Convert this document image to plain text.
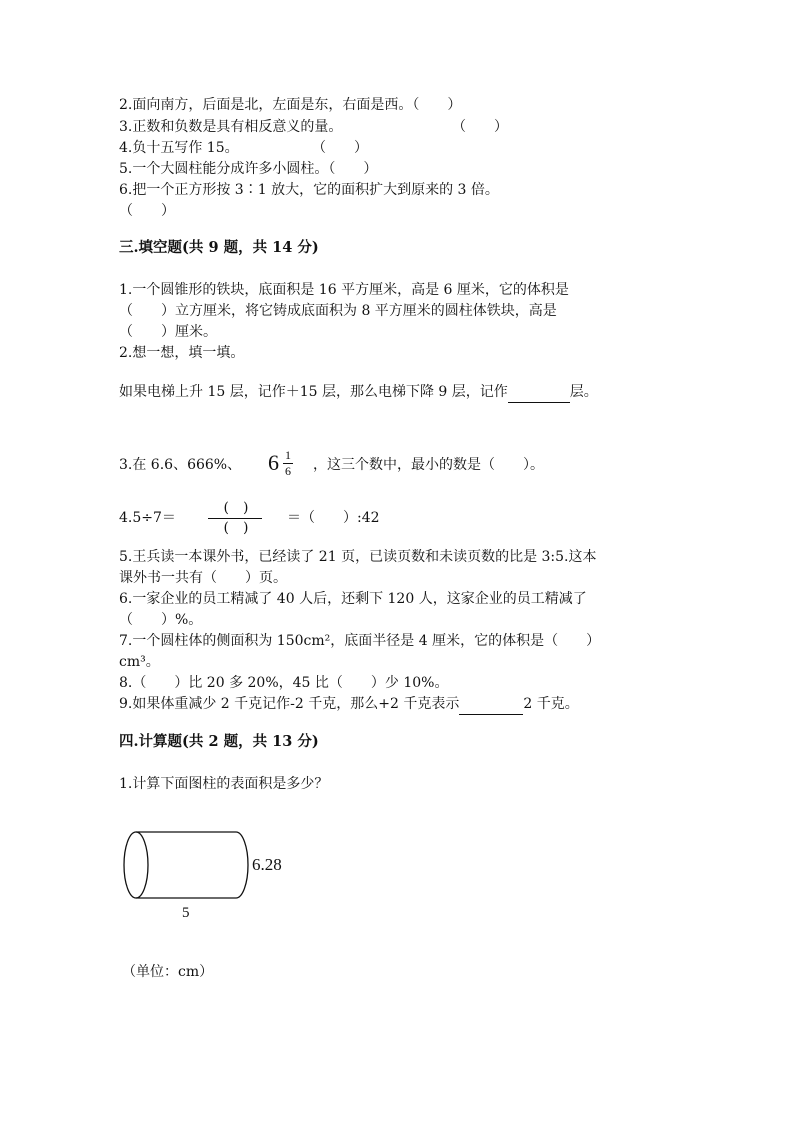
2.面向南方，后面是北，左面是东，右面是西。（　　）
3.正数和负数是具有相反意义的量。	（　　）
4.负十五写作 15。	（　　）
5.一个大圆柱能分成许多小圆柱。（　　）
6.把一个正方形按 3∶1 放大，它的面积扩大到原来的 3 倍。
（　　）
三.填空题(共 9 题，共 14 分)
1.一个圆锥形的铁块，底面积是 16 平方厘米，高是 6 厘米，它的体积是
（　　）立方厘米，将它铸成底面积为 8 平方厘米的圆柱体铁块，高是
（　　）厘米。
2.想一想，填一填。
如果电梯上升 15 层，记作＋15 层，那么电梯下降 9 层，记作	层。
3.在 6.6、666%、 6 1
6 ，这三个数中，最小的数是（　　）。
4.5÷7＝
(　)
(　)
＝（　　）:42
5.王兵读一本课外书，已经读了 21 页，已读页数和未读页数的比是 3:5.这本
课外书一共有（　　）页。
6.一家企业的员工精减了 40 人后，还剩下 120 人，这家企业的员工精减了
（　　）%。
7.一个圆柱体的侧面积为 150cm²，底面半径是 4 厘米，它的体积是（　　）
cm³。
8.（　　）比 20 多 20%，45 比（　　）少 10%。
9.如果体重减少 2 千克记作-2 千克，那么+2 千克表示	2 千克。
四.计算题(共 2 题，共 13 分)
1.计算下面图柱的表面积是多少？
6.28
5
（单位：cm）
